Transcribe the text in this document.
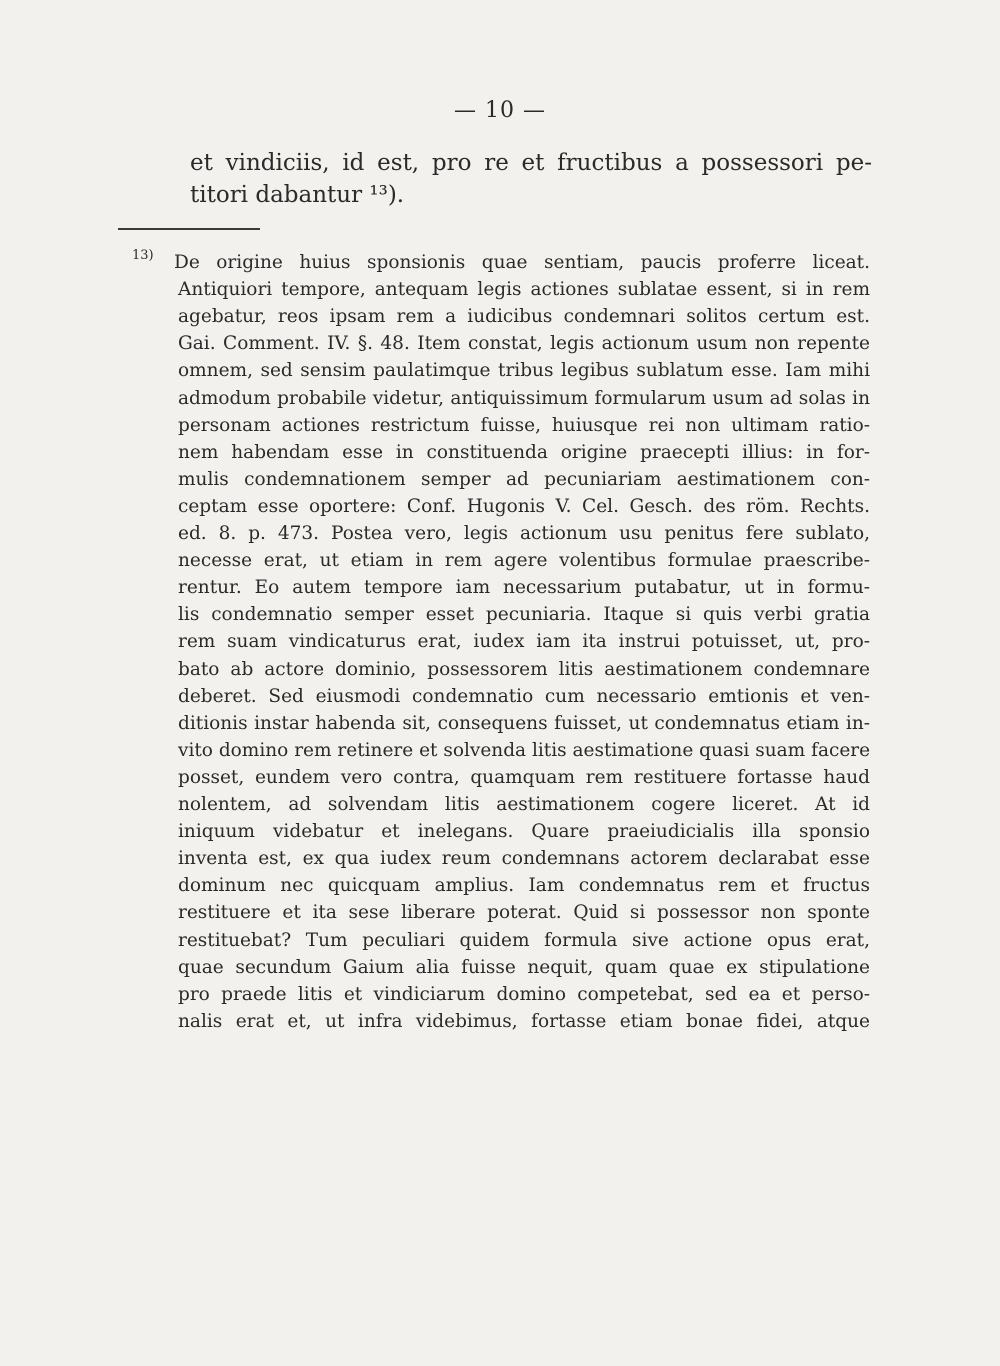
— 10 —
et vindiciis, id est, pro re et fructibus a possessori pe-
titori dabantur ¹³).
13) De origine huius sponsionis quae sentiam, paucis proferre liceat.
Antiquiori tempore, antequam legis actiones sublatae essent, si in rem
agebatur, reos ipsam rem a iudicibus condemnari solitos certum est.
Gai. Comment. IV. §. 48. Item constat, legis actionum usum non repente
omnem, sed sensim paulatimque tribus legibus sublatum esse. Iam mihi
admodum probabile videtur, antiquissimum formularum usum ad solas in
personam actiones restrictum fuisse, huiusque rei non ultimam ratio-
nem habendam esse in constituenda origine praecepti illius: in for-
mulis condemnationem semper ad pecuniariam aestimationem con-
ceptam esse oportere: Conf. Hugonis V. Cel. Gesch. des röm. Rechts.
ed. 8. p. 473. Postea vero, legis actionum usu penitus fere sublato,
necesse erat, ut etiam in rem agere volentibus formulae praescribe-
rentur. Eo autem tempore iam necessarium putabatur, ut in formu-
lis condemnatio semper esset pecuniaria. Itaque si quis verbi gratia
rem suam vindicaturus erat, iudex iam ita instrui potuisset, ut, pro-
bato ab actore dominio, possessorem litis aestimationem condemnare
deberet. Sed eiusmodi condemnatio cum necessario emtionis et ven-
ditionis instar habenda sit, consequens fuisset, ut condemnatus etiam in-
vito domino rem retinere et solvenda litis aestimatione quasi suam facere
posset, eundem vero contra, quamquam rem restituere fortasse haud
nolentem, ad solvendam litis aestimationem cogere liceret. At id
iniquum videbatur et inelegans. Quare praeiudicialis illa sponsio
inventa est, ex qua iudex reum condemnans actorem declarabat esse
dominum nec quicquam amplius. Iam condemnatus rem et fructus
restituere et ita sese liberare poterat. Quid si possessor non sponte
restituebat? Tum peculiari quidem formula sive actione opus erat,
quae secundum Gaium alia fuisse nequit, quam quae ex stipulatione
pro praede litis et vindiciarum domino competebat, sed ea et perso-
nalis erat et, ut infra videbimus, fortasse etiam bonae fidei, atque
